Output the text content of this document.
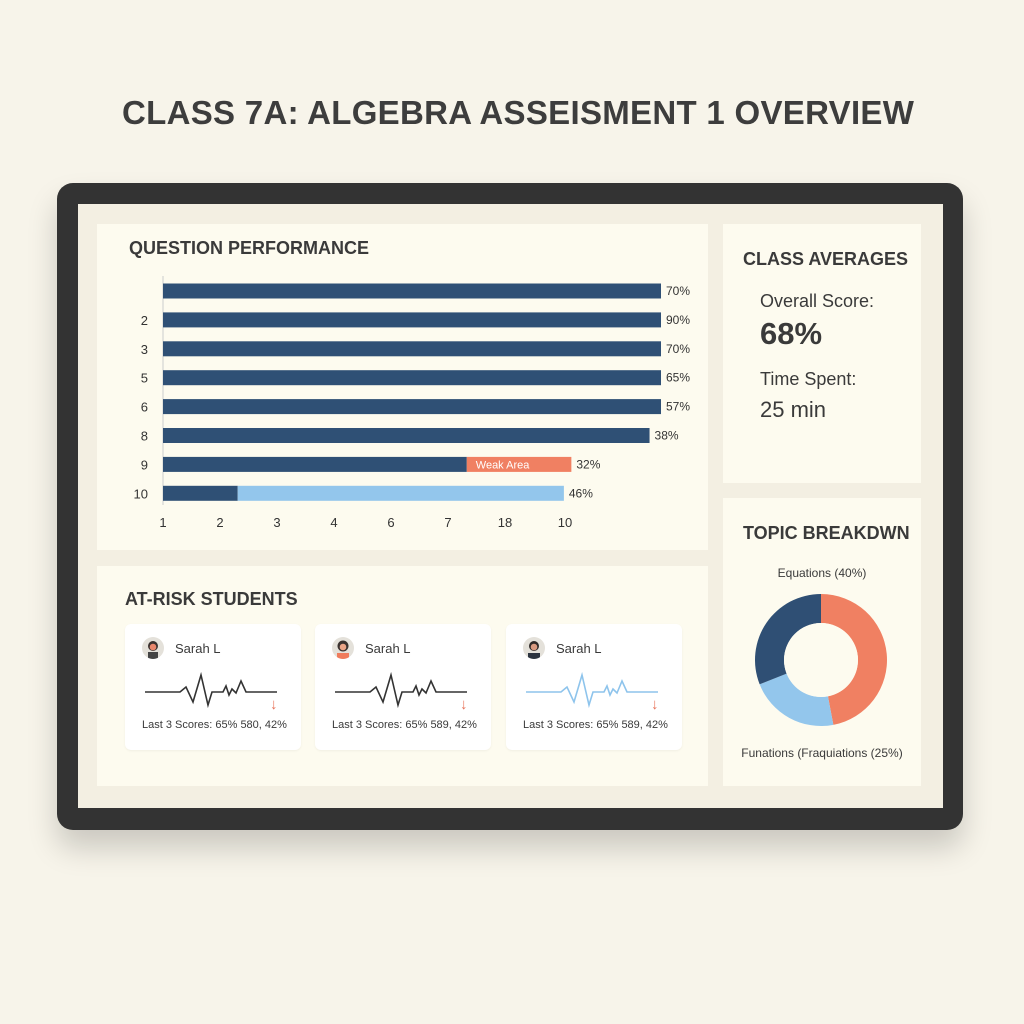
CLASS 7A: ALGEBRA ASSEISMENT 1 OVERVIEW
QUESTION PERFORMANCE
AT-RISK STUDENTS
CLASS AVERAGES
Overall Score:
68%
Time Spent:
25 min
TOPIC BREAKDWN
Equations (40%)
Funations (Fraquiations (25%)
70%
2	90%
3	70%
5	65%
6	57%
8	38%
9	Weak Area	32%
10	46%
1	2	3	4	6	7	18	10
Sarah L
↓
Last 3 Scores: 65% 580, 42%
Sarah L
↓
Last 3 Scores: 65% 589, 42%
Sarah L
↓
Last 3 Scores: 65% 589, 42%
